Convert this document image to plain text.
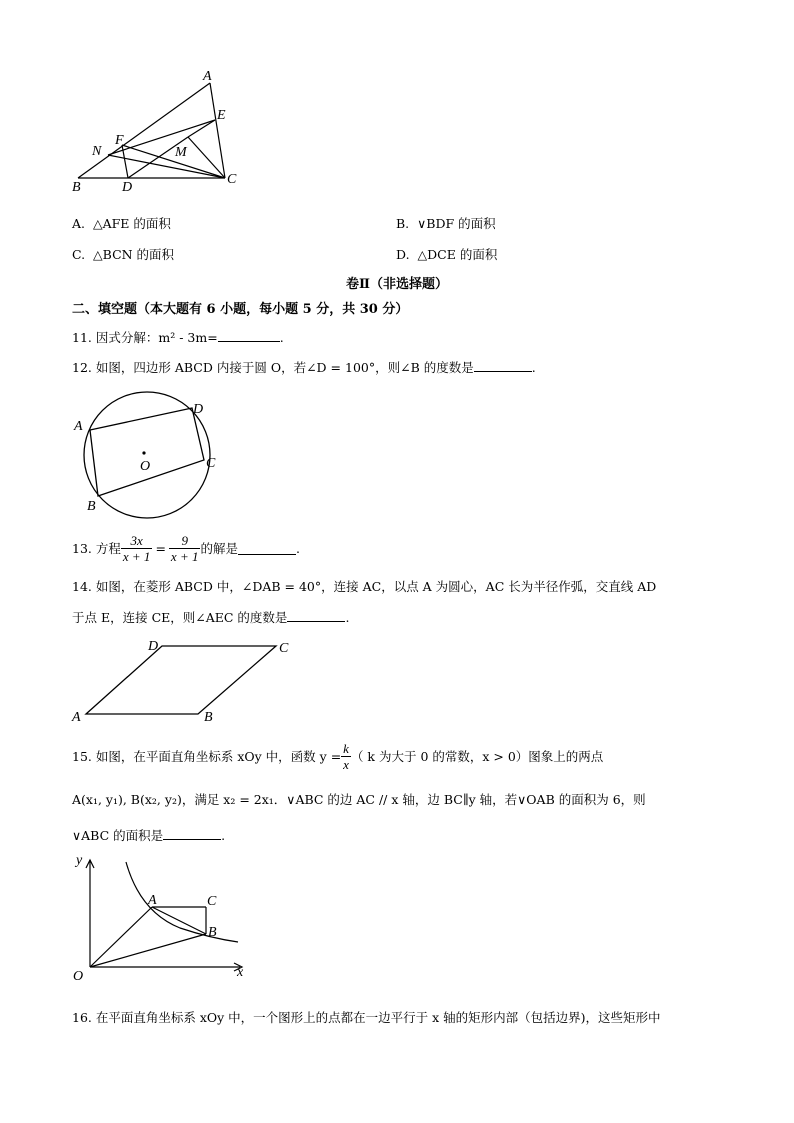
A
E
F
N	M
B	D
C
A. △AFE 的面积	B. ∨BDF 的面积
C. △BCN 的面积	D. △DCE 的面积
卷Ⅱ（非选择题）
二、填空题（本大题有 6 小题，每小题 5 分，共 30 分）
11. 因式分解：m² - 3m=	.
12. 如图，四边形 ABCD 内接于圆 O，若∠D = 100°，则∠B 的度数是	.
A
D
C
B
O
13.
方程 $\frac{3x}{x + 1} = \frac{9}{x + 1}$ 的解是	.
14. 如图，在菱形 ABCD 中，∠DAB = 40°，连接 AC，以点 A 为圆心，AC 长为半径作弧，交直线 AD
于点 E，连接 CE，则∠AEC 的度数是	.
A	B
C
D
15.
如图，在平面直角坐标系 xOy 中，函数 $y = \frac{k}{x}$ （ k 为大于 0 的常数，x > 0）图象上的两点
A(x₁, y₁), B(x₂, y₂)，满足 x₂ = 2x₁．∨ABC 的边 AC // x 轴，边 BC∥y 轴，若∨OAB 的面积为 6，则
∨ABC 的面积是	.
y
x
O
A	C
B
16. 在平面直角坐标系 xOy 中，一个图形上的点都在一边平行于 x 轴的矩形内部（包括边界)，这些矩形中
